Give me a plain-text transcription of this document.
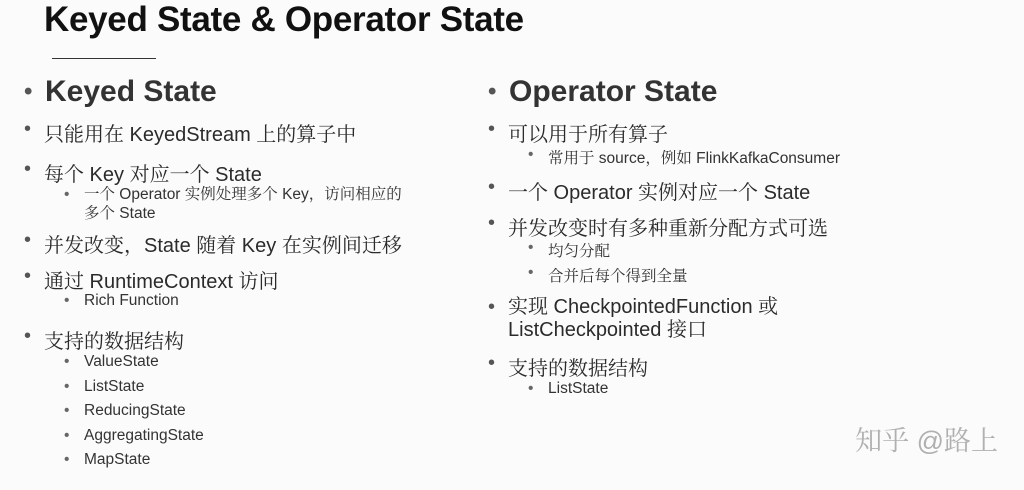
Keyed State & Operator State
• Keyed State
• 只能用在 KeyedStream 上的算子中
• 每个 Key 对应一个 State
• 一个 Operator 实例处理多个 Key，访问相应的
多个 State
• 并发改变，State 随着 Key 在实例间迁移
• 通过 RuntimeContext 访问
• Rich Function
• 支持的数据结构
• ValueState
• ListState
• ReducingState
• AggregatingState
• MapState
• Operator State
• 可以用于所有算子
• 常用于 source，例如 FlinkKafkaConsumer
• 一个 Operator 实例对应一个 State
• 并发改变时有多种重新分配方式可选
• 均匀分配
• 合并后每个得到全量
• 实现 CheckpointedFunction 或
ListCheckpointed 接口
• 支持的数据结构
• ListState
知乎 @路上
